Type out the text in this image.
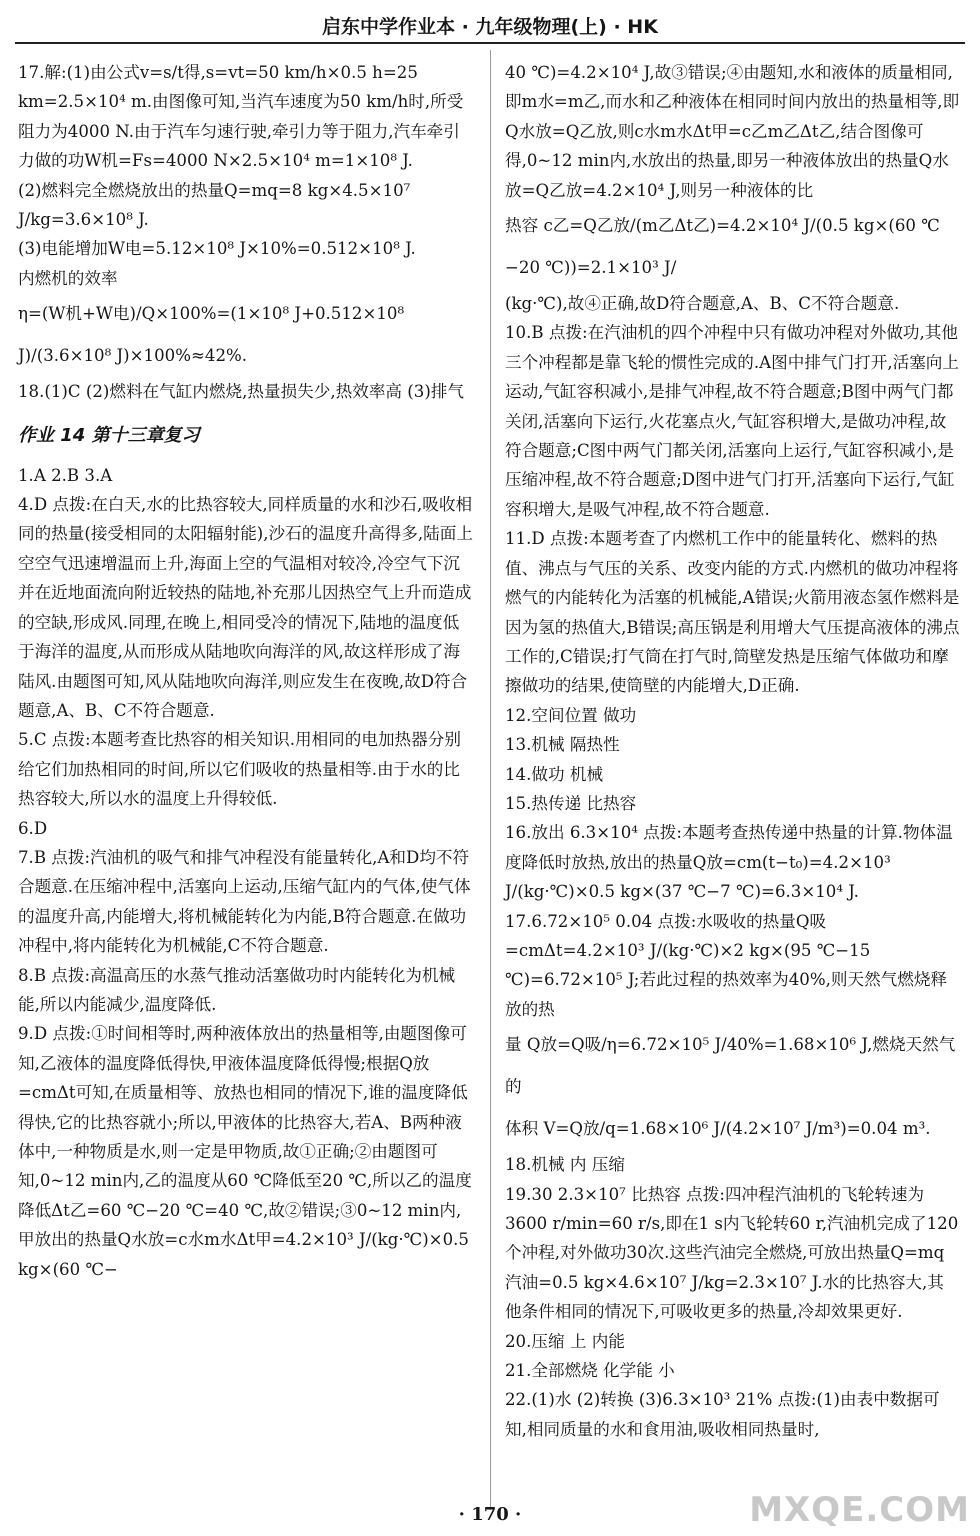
启东中学作业本 · 九年级物理(上) · HK

17.解:(1)由公式v=s/t得,s=vt=50 km/h×0.5 h=25 km=2.5×10⁴ m.由图像可知,当汽车速度为50 km/h时,所受阻力为4000 N.由于汽车匀速行驶,牵引力等于阻力,汽车牵引力做的功W机=Fs=4000 N×2.5×10⁴ m=1×10⁸ J.

(2)燃料完全燃烧放出的热量Q=mq=8 kg×4.5×10⁷ J/kg=3.6×10⁸ J.

(3)电能增加W电=5.12×10⁸ J×10%=0.512×10⁸ J.

内燃机的效率

η=(W机+W电)/Q×100%=(1×10⁸ J+0.512×10⁸ J)/(3.6×10⁸ J)×100%≈42%.

18.(1)C (2)燃料在气缸内燃烧,热量损失少,热效率高 (3)排气

作业 14 第十三章复习

1.A 2.B 3.A

4.D 点拨:在白天,水的比热容较大,同样质量的水和沙石,吸收相同的热量(接受相同的太阳辐射能),沙石的温度升高得多,陆面上空空气迅速增温而上升,海面上空的气温相对较冷,冷空气下沉并在近地面流向附近较热的陆地,补充那儿因热空气上升而造成的空缺,形成风.同理,在晚上,相同受冷的情况下,陆地的温度低于海洋的温度,从而形成从陆地吹向海洋的风,故这样形成了海陆风.由题图可知,风从陆地吹向海洋,则应发生在夜晚,故D符合题意,A、B、C不符合题意.

5.C 点拨:本题考查比热容的相关知识.用相同的电加热器分别给它们加热相同的时间,所以它们吸收的热量相等.由于水的比热容较大,所以水的温度上升得较低.

6.D

7.B 点拨:汽油机的吸气和排气冲程没有能量转化,A和D均不符合题意.在压缩冲程中,活塞向上运动,压缩气缸内的气体,使气体的温度升高,内能增大,将机械能转化为内能,B符合题意.在做功冲程中,将内能转化为机械能,C不符合题意.

8.B 点拨:高温高压的水蒸气推动活塞做功时内能转化为机械能,所以内能减少,温度降低.

9.D 点拨:①时间相等时,两种液体放出的热量相等,由题图像可知,乙液体的温度降低得快,甲液体温度降低得慢;根据Q放=cmΔt可知,在质量相等、放热也相同的情况下,谁的温度降低得快,它的比热容就小;所以,甲液体的比热容大,若A、B两种液体中,一种物质是水,则一定是甲物质,故①正确;②由题图可知,0~12 min内,乙的温度从60 ℃降低至20 ℃,所以乙的温度降低Δt乙=60 ℃−20 ℃=40 ℃,故②错误;③0~12 min内,甲放出的热量Q水放=c水m水Δt甲=4.2×10³ J/(kg·℃)×0.5 kg×(60 ℃−

40 ℃)=4.2×10⁴ J,故③错误;④由题知,水和液体的质量相同,即m水=m乙,而水和乙种液体在相同时间内放出的热量相等,即Q水放=Q乙放,则c水m水Δt甲=c乙m乙Δt乙,结合图像可得,0~12 min内,水放出的热量,即另一种液体放出的热量Q水放=Q乙放=4.2×10⁴ J,则另一种液体的比

热容 c乙=Q乙放/(m乙Δt乙)=4.2×10⁴ J/(0.5 kg×(60 ℃−20 ℃))=2.1×10³ J/

(kg·℃),故④正确,故D符合题意,A、B、C不符合题意.

10.B 点拨:在汽油机的四个冲程中只有做功冲程对外做功,其他三个冲程都是靠飞轮的惯性完成的.A图中排气门打开,活塞向上运动,气缸容积减小,是排气冲程,故不符合题意;B图中两气门都关闭,活塞向下运行,火花塞点火,气缸容积增大,是做功冲程,故符合题意;C图中两气门都关闭,活塞向上运行,气缸容积减小,是压缩冲程,故不符合题意;D图中进气门打开,活塞向下运行,气缸容积增大,是吸气冲程,故不符合题意.

11.D 点拨:本题考查了内燃机工作中的能量转化、燃料的热值、沸点与气压的关系、改变内能的方式.内燃机的做功冲程将燃气的内能转化为活塞的机械能,A错误;火箭用液态氢作燃料是因为氢的热值大,B错误;高压锅是利用增大气压提高液体的沸点工作的,C错误;打气筒在打气时,筒壁发热是压缩气体做功和摩擦做功的结果,使筒壁的内能增大,D正确.

12.空间位置 做功

13.机械 隔热性

14.做功 机械

15.热传递 比热容

16.放出 6.3×10⁴ 点拨:本题考查热传递中热量的计算.物体温度降低时放热,放出的热量Q放=cm(t−t₀)=4.2×10³ J/(kg·℃)×0.5 kg×(37 ℃−7 ℃)=6.3×10⁴ J.

17.6.72×10⁵ 0.04 点拨:水吸收的热量Q吸=cmΔt=4.2×10³ J/(kg·℃)×2 kg×(95 ℃−15 ℃)=6.72×10⁵ J;若此过程的热效率为40%,则天然气燃烧释放的热

量 Q放=Q吸/η=6.72×10⁵ J/40%=1.68×10⁶ J,燃烧天然气的

体积 V=Q放/q=1.68×10⁶ J/(4.2×10⁷ J/m³)=0.04 m³.

18.机械 内 压缩

19.30 2.3×10⁷ 比热容 点拨:四冲程汽油机的飞轮转速为3600 r/min=60 r/s,即在1 s内飞轮转60 r,汽油机完成了120个冲程,对外做功30次.这些汽油完全燃烧,可放出热量Q=mq汽油=0.5 kg×4.6×10⁷ J/kg=2.3×10⁷ J.水的比热容大,其他条件相同的情况下,可吸收更多的热量,冷却效果更好.

20.压缩 上 内能

21.全部燃烧 化学能 小

22.(1)水 (2)转换 (3)6.3×10³ 21% 点拨:(1)由表中数据可知,相同质量的水和食用油,吸收相同热量时,

· 170 ·	MXQE.COM
